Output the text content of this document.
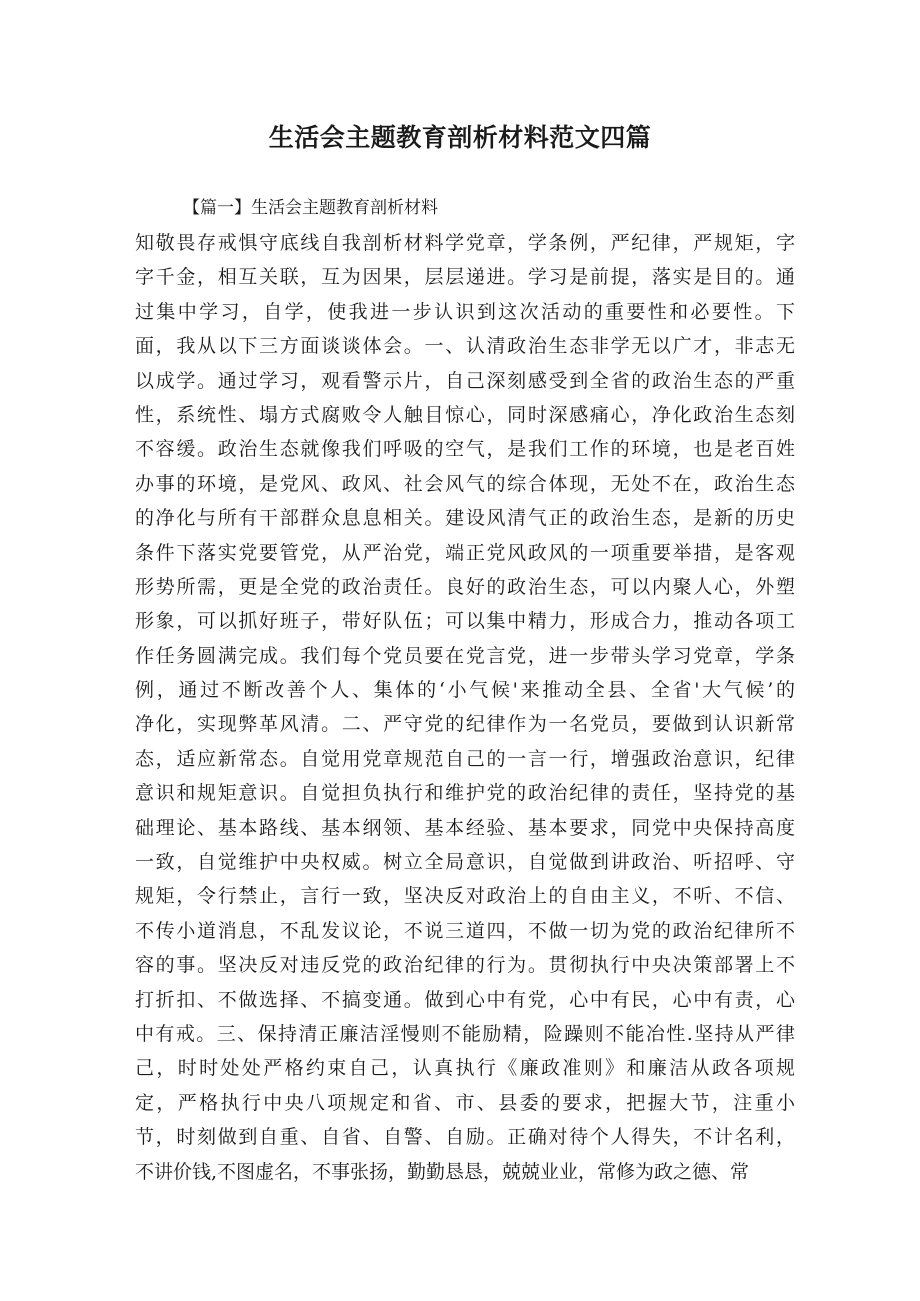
生活会主题教育剖析材料范文四篇

【篇一】生活会主题教育剖析材料

知敬畏存戒惧守底线自我剖析材料学党章，学条例，严纪律，严规矩，字
字千金，相互关联，互为因果，层层递进。学习是前提，落实是目的。通
过集中学习，自学，使我进一步认识到这次活动的重要性和必要性。下
面，我从以下三方面谈谈体会。一、认清政治生态非学无以广才，非志无
以成学。通过学习，观看警示片，自己深刻感受到全省的政治生态的严重
性，系统性、塌方式腐败令人触目惊心，同时深感痛心，净化政治生态刻
不容缓。政治生态就像我们呼吸的空气，是我们工作的环境，也是老百姓
办事的环境，是党风、政风、社会风气的综合体现，无处不在，政治生态
的净化与所有干部群众息息相关。建设风清气正的政治生态，是新的历史
条件下落实党要管党，从严治党，端正党风政风的一项重要举措，是客观
形势所需，更是全党的政治责任。良好的政治生态，可以内聚人心，外塑
形象，可以抓好班子，带好队伍；可以集中精力，形成合力，推动各项工
作任务圆满完成。我们每个党员要在党言党，进一步带头学习党章，学条
例，通过不断改善个人、集体的‘小气候'来推动全县、全省'大气候’的
净化，实现弊革风清。二、严守党的纪律作为一名党员，要做到认识新常
态，适应新常态。自觉用党章规范自己的一言一行，增强政治意识，纪律
意识和规矩意识。自觉担负执行和维护党的政治纪律的责任，坚持党的基
础理论、基本路线、基本纲领、基本经验、基本要求，同党中央保持高度
一致，自觉维护中央权威。树立全局意识，自觉做到讲政治、听招呼、守
规矩，令行禁止，言行一致，坚决反对政治上的自由主义，不听、不信、
不传小道消息，不乱发议论，不说三道四，不做一切为党的政治纪律所不
容的事。坚决反对违反党的政治纪律的行为。贯彻执行中央决策部署上不
打折扣、不做选择、不搞变通。做到心中有党，心中有民，心中有责，心
中有戒。三、保持清正廉洁淫慢则不能励精，险躁则不能冶性.坚持从严律
己，时时处处严格约束自己，认真执行《廉政准则》和廉洁从政各项规
定，严格执行中央八项规定和省、市、县委的要求，把握大节，注重小
节，时刻做到自重、自省、自警、自励。正确对待个人得失，不计名利，
不讲价钱,不图虚名，不事张扬，勤勤恳恳，兢兢业业，常修为政之德、常
